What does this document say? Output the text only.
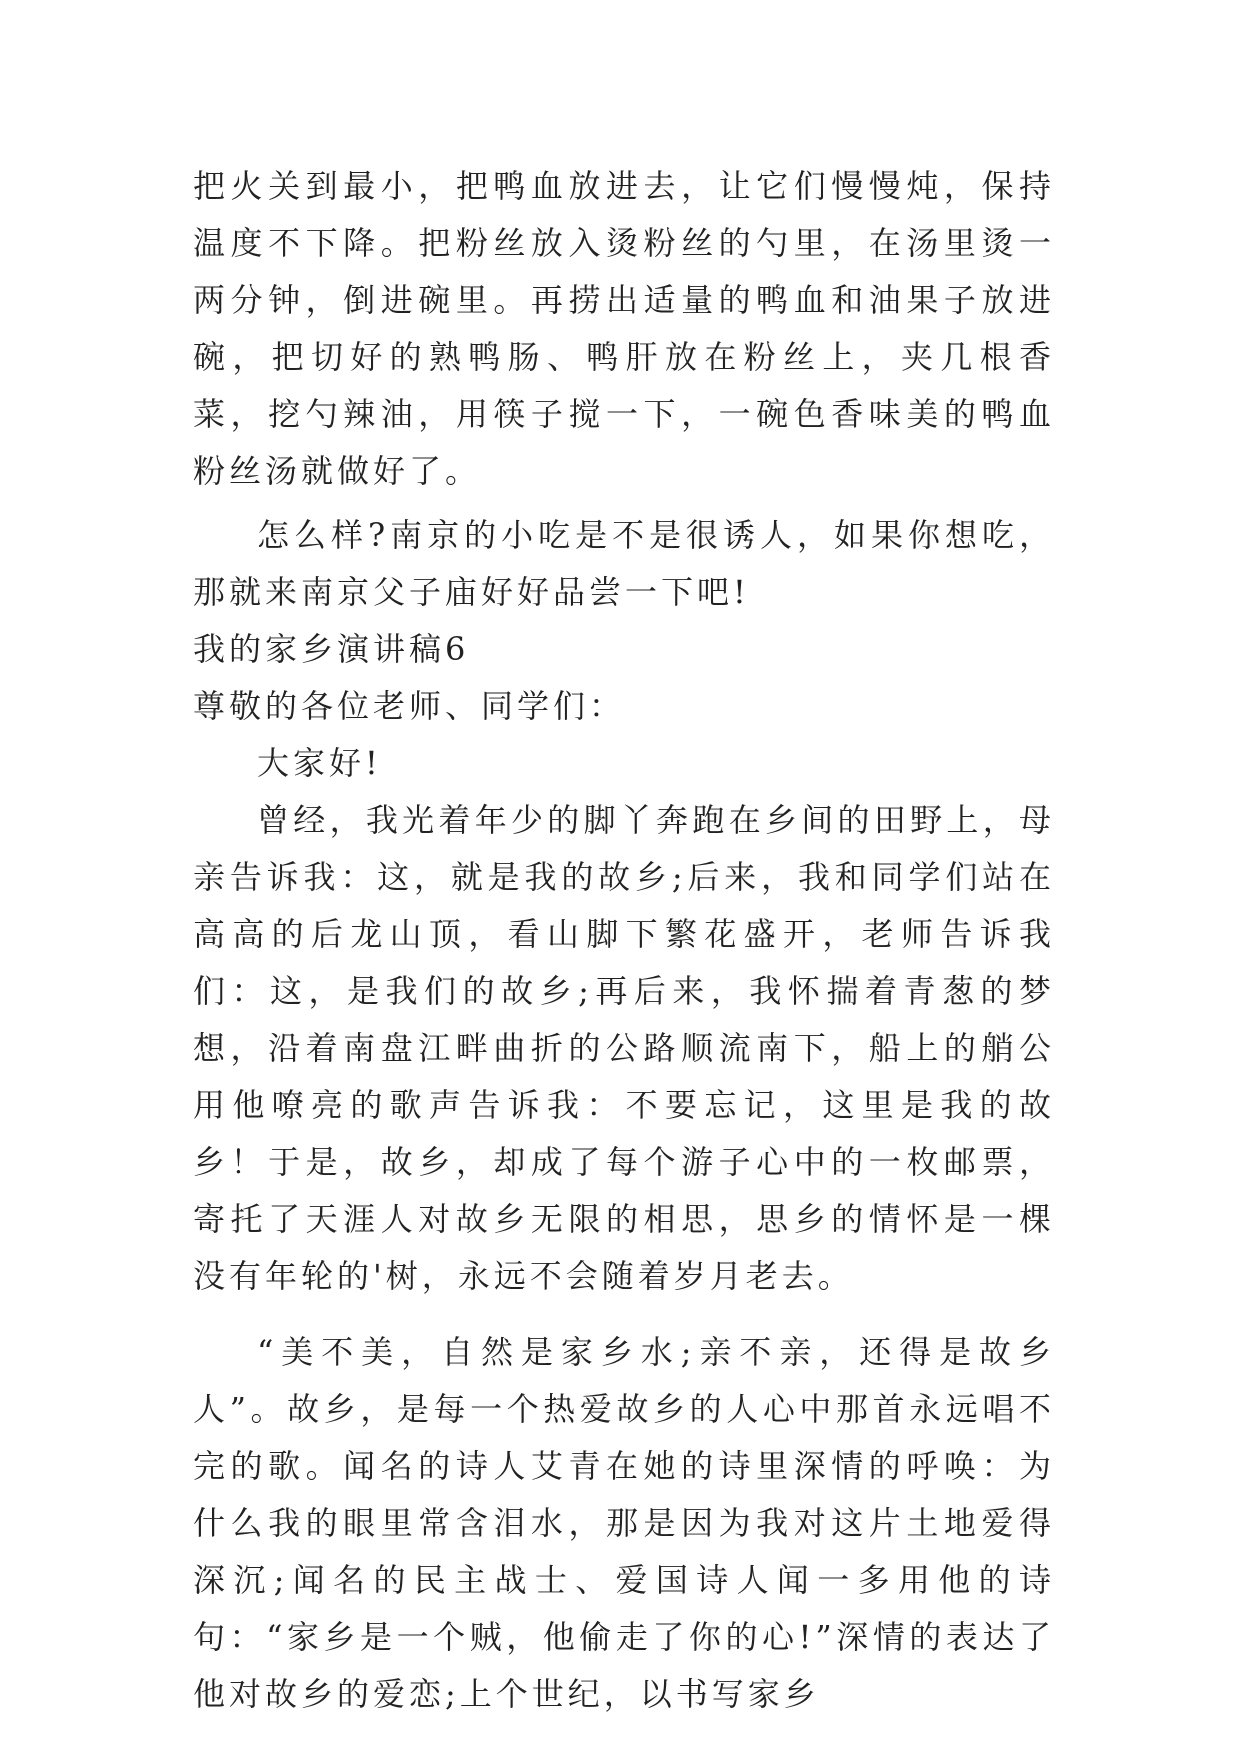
把火关到最小，把鸭血放进去，让它们慢慢炖，保持温度不下降。把粉丝放入烫粉丝的勺里，在汤里烫一两分钟，倒进碗里。再捞出适量的鸭血和油果子放进碗，把切好的熟鸭肠、鸭肝放在粉丝上，夹几根香菜，挖勺辣油，用筷子搅一下，一碗色香味美的鸭血粉丝汤就做好了。

怎么样?南京的小吃是不是很诱人，如果你想吃，那就来南京父子庙好好品尝一下吧!

我的家乡演讲稿6

尊敬的各位老师、同学们：

大家好!

曾经，我光着年少的脚丫奔跑在乡间的田野上，母亲告诉我：这，就是我的故乡;后来，我和同学们站在高高的后龙山顶，看山脚下繁花盛开，老师告诉我们：这，是我们的故乡;再后来，我怀揣着青葱的梦想，沿着南盘江畔曲折的公路顺流南下，船上的艄公用他嘹亮的歌声告诉我：不要忘记，这里是我的故乡！于是，故乡，却成了每个游子心中的一枚邮票，寄托了天涯人对故乡无限的相思，思乡的情怀是一棵没有年轮的'树，永远不会随着岁月老去。

“美不美，自然是家乡水;亲不亲，还得是故乡人”。故乡，是每一个热爱故乡的人心中那首永远唱不完的歌。闻名的诗人艾青在她的诗里深情的呼唤：为什么我的眼里常含泪水，那是因为我对这片土地爱得深沉;闻名的民主战士、爱国诗人闻一多用他的诗句：“家乡是一个贼，他偷走了你的心!”深情的表达了他对故乡的爱恋;上个世纪，以书写家乡
